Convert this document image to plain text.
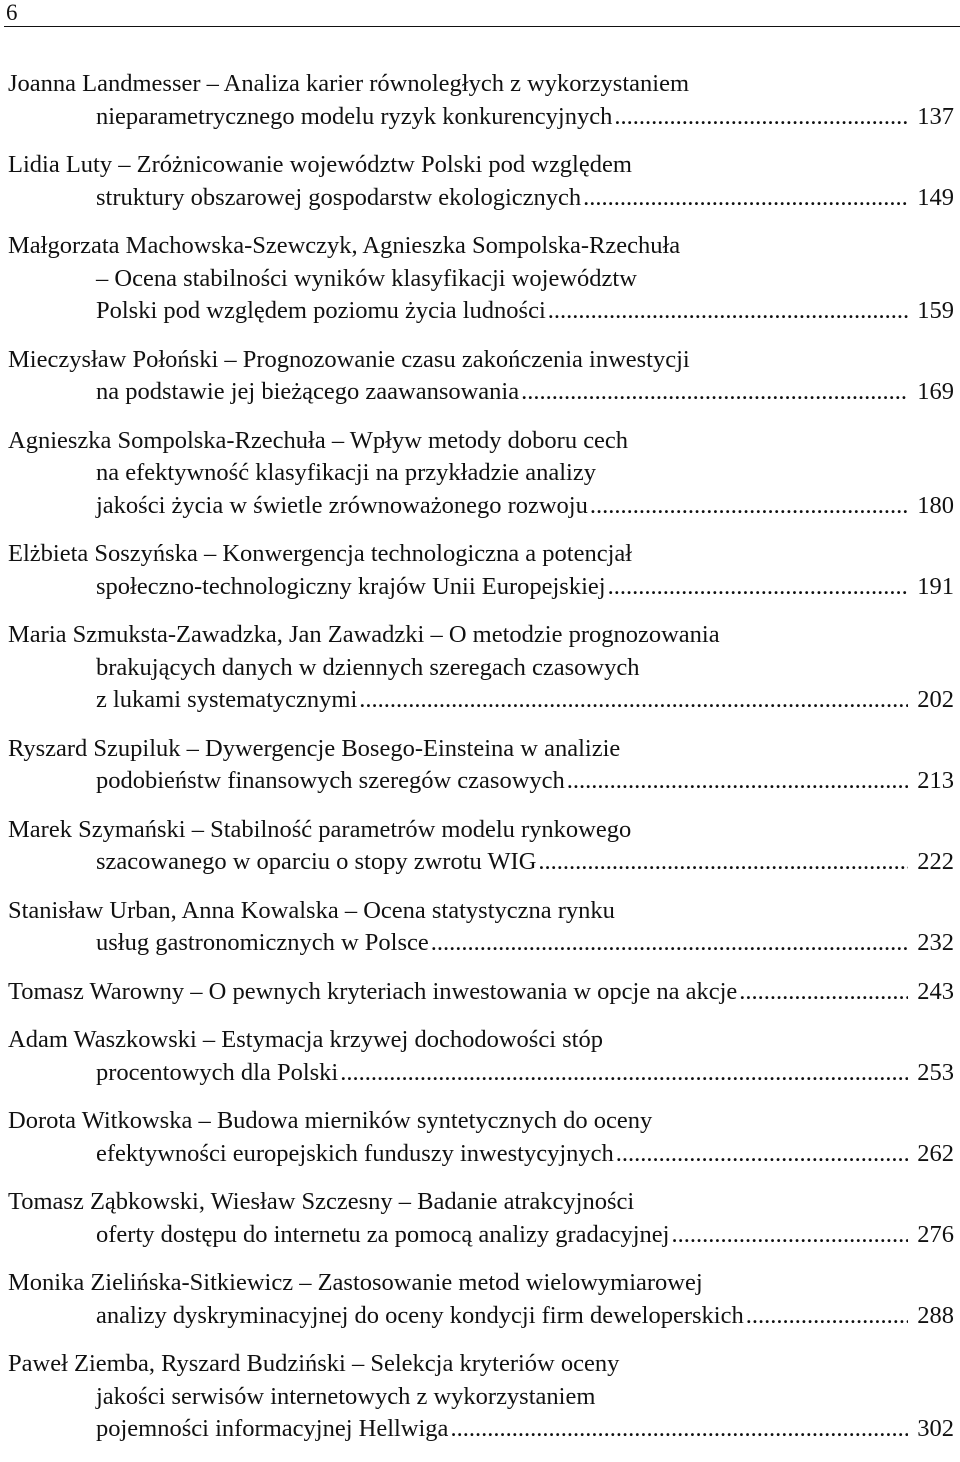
6
Joanna Landmesser – Analiza karier równoległych z wykorzystaniem
nieparametrycznego modelu ryzyk konkurencyjnych .....	137
Lidia Luty – Zróżnicowanie województw Polski pod względem
struktury obszarowej gospodarstw ekologicznych .....	149
Małgorzata Machowska-Szewczyk, Agnieszka Sompolska-Rzechuła
– Ocena stabilności wyników klasyfikacji województw
Polski pod względem poziomu życia ludności .....	159
Mieczysław Połoński – Prognozowanie czasu zakończenia inwestycji
na podstawie jej bieżącego zaawansowania .....	169
Agnieszka Sompolska-Rzechuła – Wpływ metody doboru cech
na efektywność klasyfikacji na przykładzie analizy
jakości życia w świetle zrównoważonego rozwoju .....	180
Elżbieta Soszyńska – Konwergencja technologiczna a potencjał
społeczno-technologiczny krajów Unii Europejskiej .....	191
Maria Szmuksta-Zawadzka, Jan Zawadzki – O metodzie prognozowania
brakujących danych w dziennych szeregach czasowych
z lukami systematycznymi .....	202
Ryszard Szupiluk – Dywergencje Bosego-Einsteina w analizie
podobieństw finansowych szeregów czasowych .....	213
Marek Szymański – Stabilność parametrów modelu rynkowego
szacowanego w oparciu o stopy zwrotu WIG .....	222
Stanisław Urban, Anna Kowalska – Ocena statystyczna rynku
usług gastronomicznych w Polsce .....	232
Tomasz Warowny – O pewnych kryteriach inwestowania w opcje na akcje .....	243
Adam Waszkowski – Estymacja krzywej dochodowości stóp
procentowych dla Polski .....	253
Dorota Witkowska – Budowa mierników syntetycznych do oceny
efektywności europejskich funduszy inwestycyjnych .....	262
Tomasz Ząbkowski, Wiesław Szczesny – Badanie atrakcyjności
oferty dostępu do internetu za pomocą analizy gradacyjnej .....	276
Monika Zielińska-Sitkiewicz – Zastosowanie metod wielowymiarowej
analizy dyskryminacyjnej do oceny kondycji firm deweloperskich .....	288
Paweł Ziemba, Ryszard Budziński – Selekcja kryteriów oceny
jakości serwisów internetowych z wykorzystaniem
pojemności informacyjnej Hellwiga .....	302
